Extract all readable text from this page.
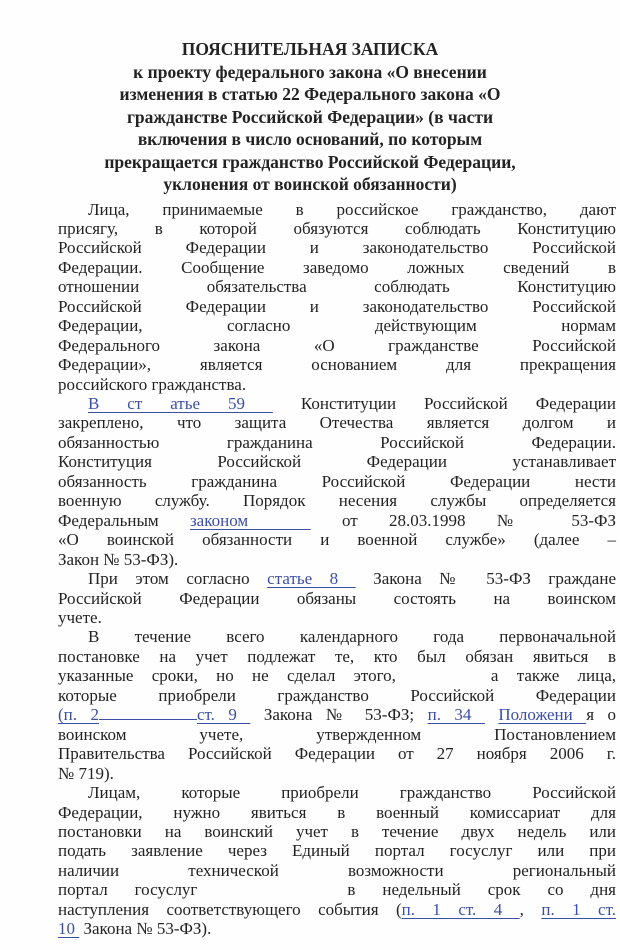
ПОЯСНИТЕЛЬНАЯ ЗАПИСКА
к проекту федерального закона «О внесении
изменения в статью 22 Федерального закона «О
гражданстве Российской Федерации» (в части
включения в число оснований, по которым
прекращается гражданство Российской Федерации,
уклонения от воинской обязанности)
Лица, принимаемые в российское гражданство, дают
присягу, в которой обязуются соблюдать Конституцию
Российской Федерации и законодательство Российской
Федерации. Сообщение заведомо ложных сведений в
отношении обязательства соблюдать Конституцию
Российской Федерации и законодательство Российской
Федерации, согласно действующим нормам
Федерального закона «О гражданстве Российской
Федерации», является основанием для прекращения
российского гражданства.
В ст атье 59  Конституции Российской Федерации
закреплено, что защита Отечества является долгом и
обязанностью гражданина Российской Федерации.
Конституция Российской Федерации устанавливает
обязанность гражданина Российской Федерации нести
военную службу. Порядок несения службы определяется
Федеральным законом   от 28.03.1998 № 53-ФЗ
«О воинской обязанности и военной службе» (далее –
Закон № 53-ФЗ).
При этом согласно статье 8  Закона № 53-ФЗ граждане
Российской Федерации обязаны состоять на воинском
учете.
В течение всего календарного года первоначальной
постановке на учет подлежат те, кто был обязан явиться в
указанные сроки, но не сделал этого,	а также лица,
которые приобрели гражданство Российской Федерации
(п. 2	ст. 9  Закона № 53-ФЗ; п. 34  Положени я о
воинском учете, утвержденном Постановлением
Правительства Российской Федерации от 27 ноября 2006 г.
№ 719).
Лицам, которые приобрели гражданство Российской
Федерации, нужно явиться в военный комиссариат для
постановки на воинский учет в течение двух недель или
подать заявление через Единый портал госуслуг или при
наличии технической возможности региональный
портал госуслуг	в недельный срок со дня
наступления соответствующего события (п. 1 ст. 4 , п. 1 ст.
10  Закона № 53-ФЗ).
